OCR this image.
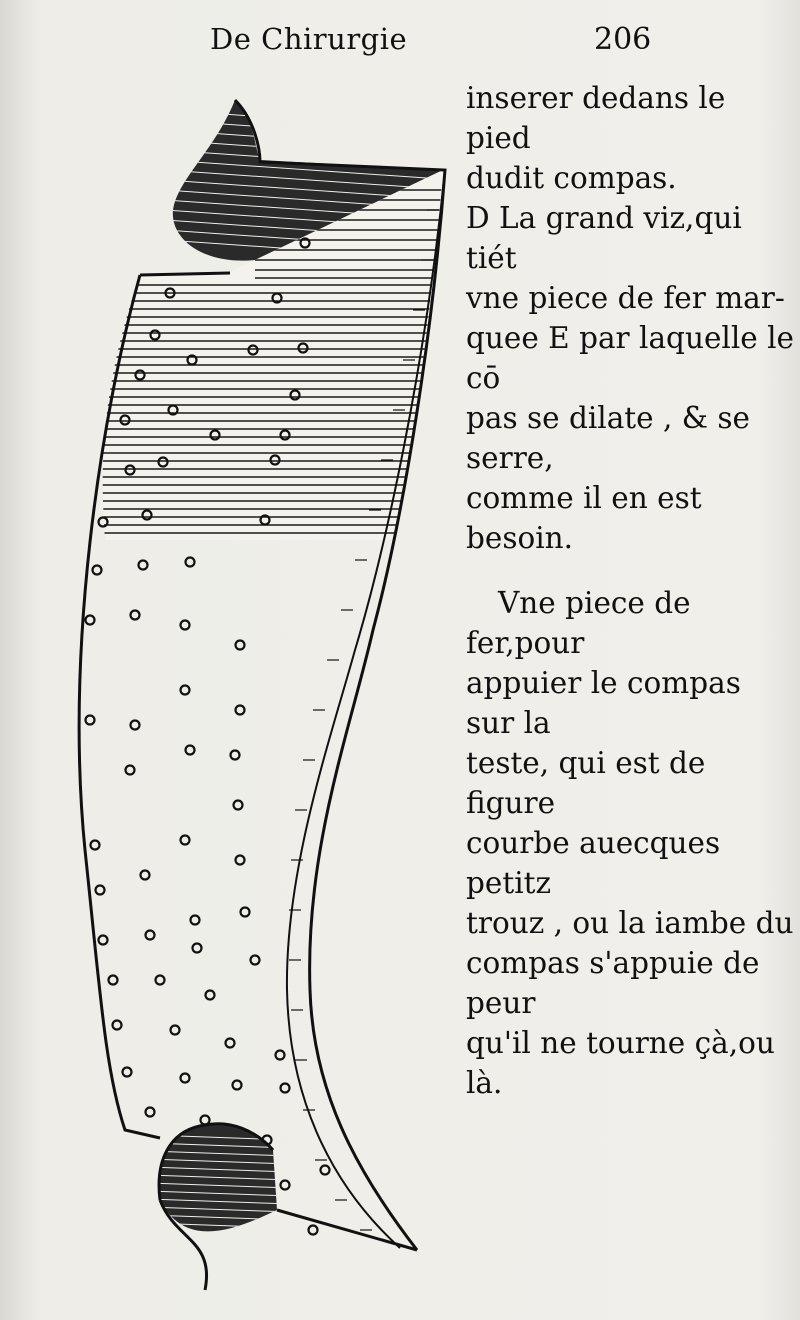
De Chirurgie	206

inserer dedans le pied

dudit compas.

D La grand viz,qui tiét

vne piece de fer mar-

quee E par laquelle le cō

pas se dilate , & se serre,

comme il en est besoin.

Vne piece de fer,pour

appuier le compas sur la

teste, qui est de figure

courbe auecques petitz

trouz , ou la iambe du

compas s'appuie de peur

qu'il ne tourne çà,ou là.
